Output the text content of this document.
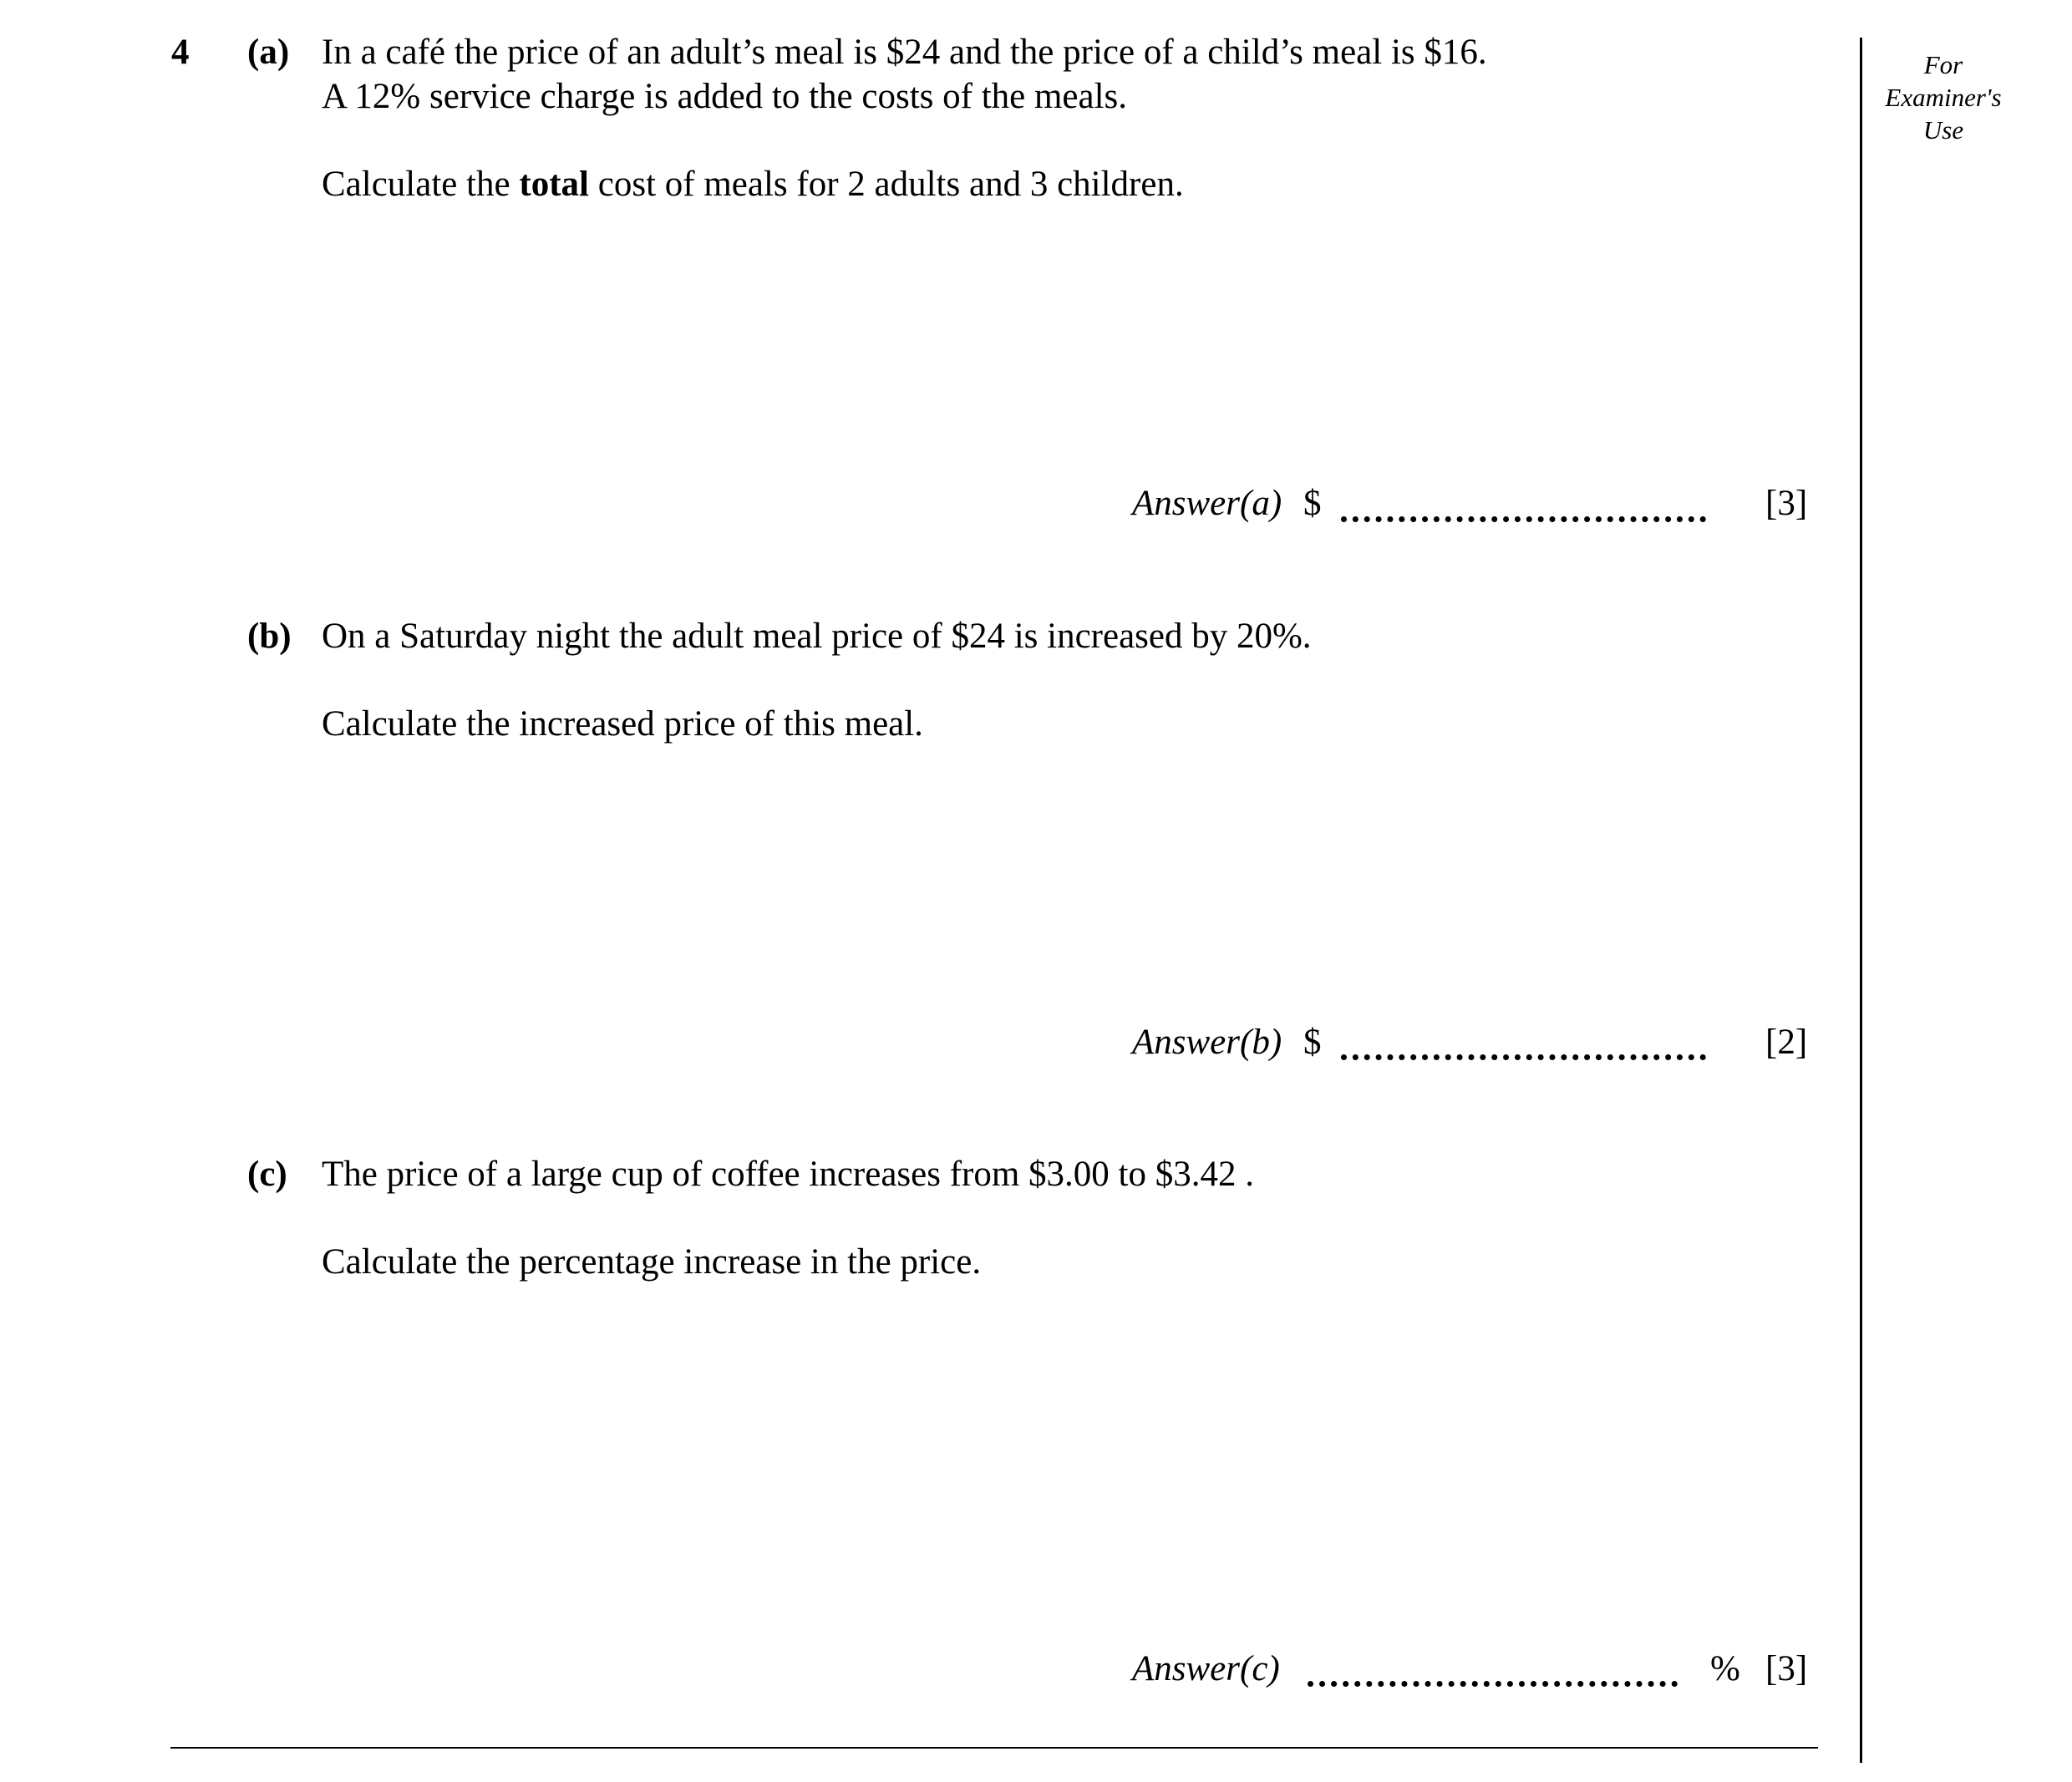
4 (a) In a café the price of an adult’s meal is $24 and the price of a child’s meal is $16.
A 12% service charge is added to the costs of the meals.
Calculate the total cost of meals for 2 adults and 3 children.
Answer(a) $	[3]
(b) On a Saturday night the adult meal price of $24 is increased by 20%.
Calculate the increased price of this meal.
Answer(b) $	[2]
(c) The price of a large cup of coffee increases from $3.00 to $3.42 .
Calculate the percentage increase in the price.
Answer(c)	% [3]
For
Examiner's
Use
